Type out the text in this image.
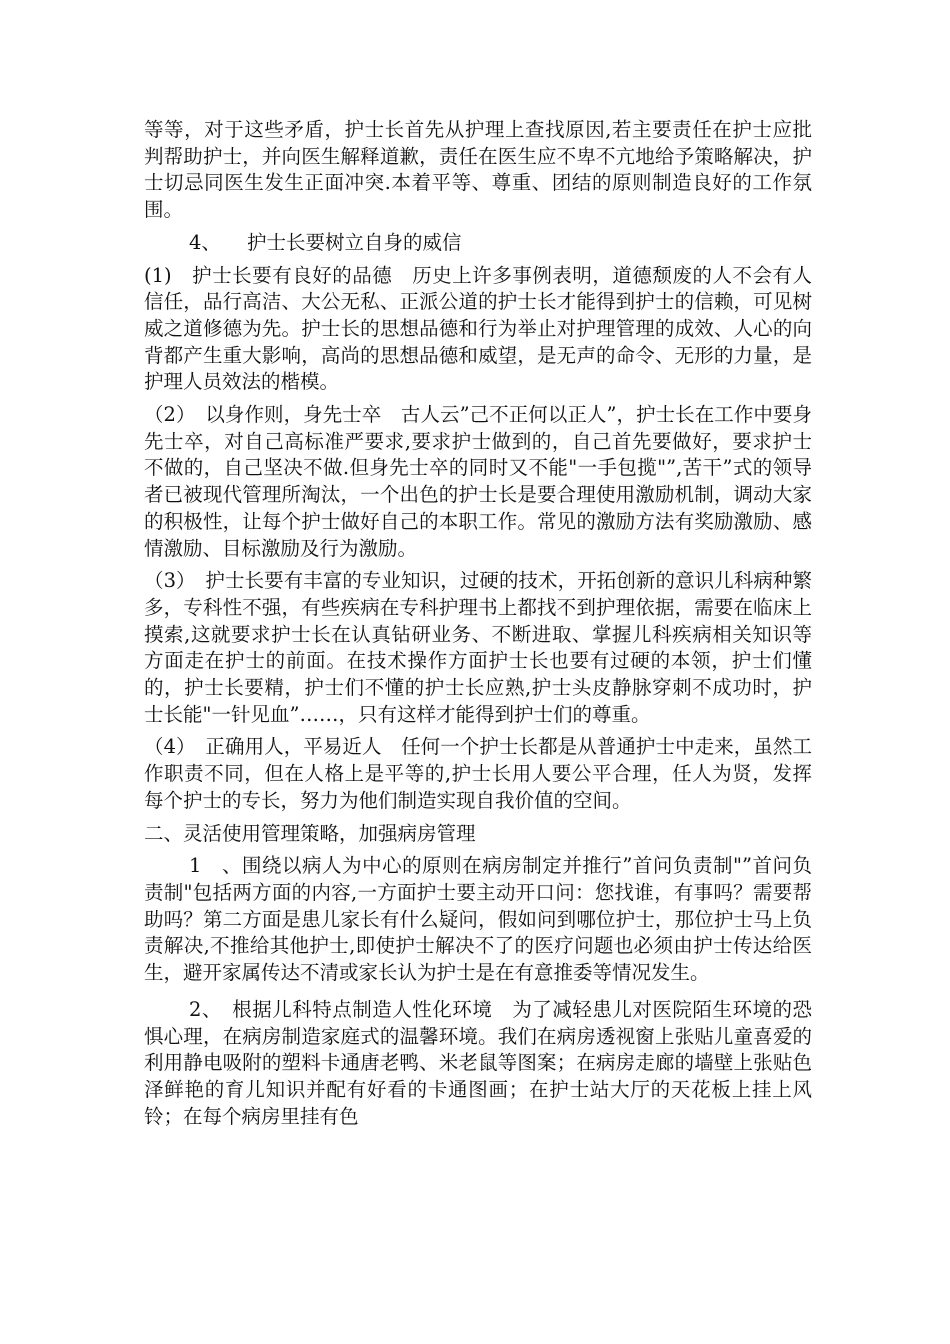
等等，对于这些矛盾，护士长首先从护理上查找原因,若主要责任在护士应批判帮助护士，并向医生解释道歉，责任在医生应不卑不亢地给予策略解决，护士切忌同医生发生正面冲突.本着平等、尊重、团结的原则制造良好的工作氛围。

4、 护士长要树立自身的威信

(1)　护士长要有良好的品德　历史上许多事例表明，道德颓废的人不会有人信任，品行高洁、大公无私、正派公道的护士长才能得到护士的信赖，可见树威之道修德为先。护士长的思想品德和行为举止对护理管理的成效、人心的向背都产生重大影响，高尚的思想品德和威望，是无声的命令、无形的力量，是护理人员效法的楷模。

（2）　以身作则，身先士卒　古人云”己不正何以正人”，护士长在工作中要身先士卒，对自己高标准严要求,要求护士做到的，自己首先要做好，要求护士不做的，自己坚决不做.但身先士卒的同时又不能"一手包揽"”,苦干”式的领导者已被现代管理所淘汰，一个出色的护士长是要合理使用激励机制，调动大家的积极性，让每个护士做好自己的本职工作。常见的激励方法有奖励激励、感情激励、目标激励及行为激励。

（3）　护士长要有丰富的专业知识，过硬的技术，开拓创新的意识儿科病种繁多，专科性不强，有些疾病在专科护理书上都找不到护理依据，需要在临床上摸索,这就要求护士长在认真钻研业务、不断进取、掌握儿科疾病相关知识等方面走在护士的前面。在技术操作方面护士长也要有过硬的本领，护士们懂的，护士长要精，护士们不懂的护士长应熟,护士头皮静脉穿刺不成功时，护士长能"一针见血”……，只有这样才能得到护士们的尊重。

（4）　正确用人，平易近人　任何一个护士长都是从普通护士中走来，虽然工作职责不同，但在人格上是平等的,护士长用人要公平合理，任人为贤，发挥每个护士的专长，努力为他们制造实现自我价值的空间。

二、灵活使用管理策略，加强病房管理

1　、围绕以病人为中心的原则在病房制定并推行”首问负责制"”首问负责制"包括两方面的内容,一方面护士要主动开口问：您找谁，有事吗？需要帮助吗？第二方面是患儿家长有什么疑问，假如问到哪位护士，那位护士马上负责解决,不推给其他护士,即使护士解决不了的医疗问题也必须由护士传达给医生，避开家属传达不清或家长认为护士是在有意推委等情况发生。

2、　根据儿科特点制造人性化环境　为了减轻患儿对医院陌生环境的恐惧心理，在病房制造家庭式的温馨环境。我们在病房透视窗上张贴儿童喜爱的利用静电吸附的塑料卡通唐老鸭、米老鼠等图案；在病房走廊的墙壁上张贴色泽鲜艳的育儿知识并配有好看的卡通图画；在护士站大厅的天花板上挂上风铃；在每个病房里挂有色
